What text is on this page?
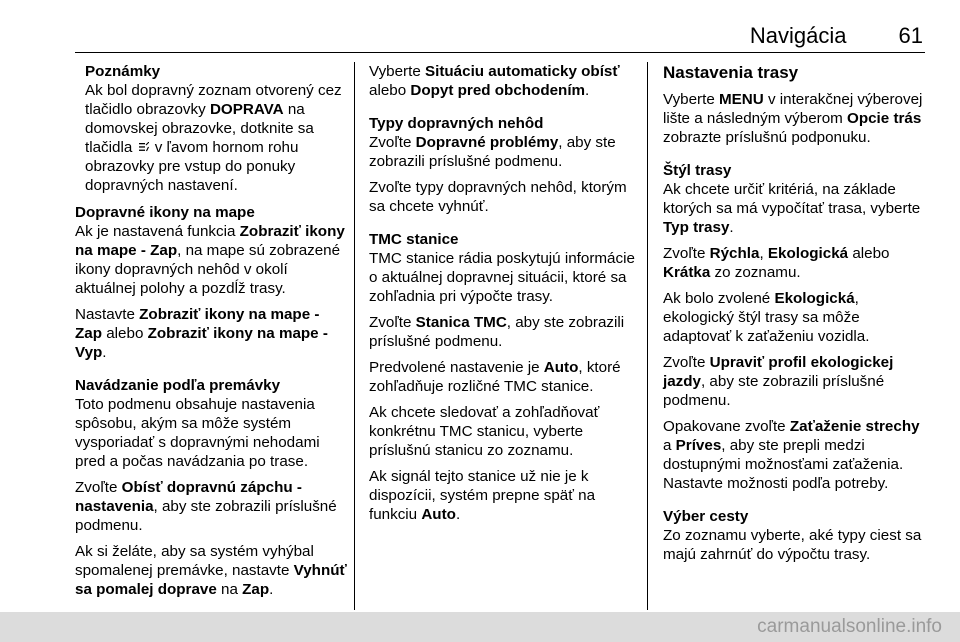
Navigácia 61
Poznámky
Ak bol dopravný zoznam otvorený cez tlačidlo obrazovky DOPRAVA na domovskej obrazovke, dotknite sa tlačidla
v ľavom hornom rohu obrazovky pre vstup do ponuky dopravných nastavení.
Dopravné ikony na mape

Ak je nastavená funkcia Zobraziť ikony na mape - Zap, na mape sú zobrazené ikony dopravných nehôd v okolí aktuálnej polohy a pozdĺž trasy.

Nastavte Zobraziť ikony na mape - Zap alebo Zobraziť ikony na mape - Vyp.

Navádzanie podľa premávky

Toto podmenu obsahuje nastavenia spôsobu, akým sa môže systém vysporiadať s dopravnými nehodami pred a počas navádzania po trase.

Zvoľte Obísť dopravnú zápchu - nastavenia, aby ste zobrazili príslušné podmenu.

Ak si želáte, aby sa systém vyhýbal spomalenej premávke, nastavte Vyhnúť sa pomalej doprave na Zap.

Vyberte Situáciu automaticky obísť alebo Dopyt pred obchodením.

Typy dopravných nehôd

Zvoľte Dopravné problémy, aby ste zobrazili príslušné podmenu.

Zvoľte typy dopravných nehôd, ktorým sa chcete vyhnúť.

TMC stanice

TMC stanice rádia poskytujú informácie o aktuálnej dopravnej situácii, ktoré sa zohľadnia pri výpočte trasy.

Zvoľte Stanica TMC, aby ste zobrazili príslušné podmenu.

Predvolené nastavenie je Auto, ktoré zohľadňuje rozličné TMC stanice.

Ak chcete sledovať a zohľadňovať konkrétnu TMC stanicu, vyberte príslušnú stanicu zo zoznamu.

Ak signál tejto stanice už nie je k dispozícii, systém prepne späť na funkciu Auto.

Nastavenia trasy

Vyberte MENU v interakčnej výberovej lište a následným výberom Opcie trás zobrazte príslušnú podponuku.

Štýl trasy

Ak chcete určiť kritériá, na základe ktorých sa má vypočítať trasa, vyberte Typ trasy.

Zvoľte Rýchla, Ekologická alebo Krátka zo zoznamu.

Ak bolo zvolené Ekologická, ekologický štýl trasy sa môže adaptovať k zaťaženiu vozidla.

Zvoľte Upraviť profil ekologickej jazdy, aby ste zobrazili príslušné podmenu.

Opakovane zvoľte Zaťaženie strechy a Príves, aby ste prepli medzi dostupnými možnosťami zaťaženia. Nastavte možnosti podľa potreby.

Výber cesty

Zo zoznamu vyberte, aké typy ciest sa majú zahrnúť do výpočtu trasy.

carmanualsonline.info
